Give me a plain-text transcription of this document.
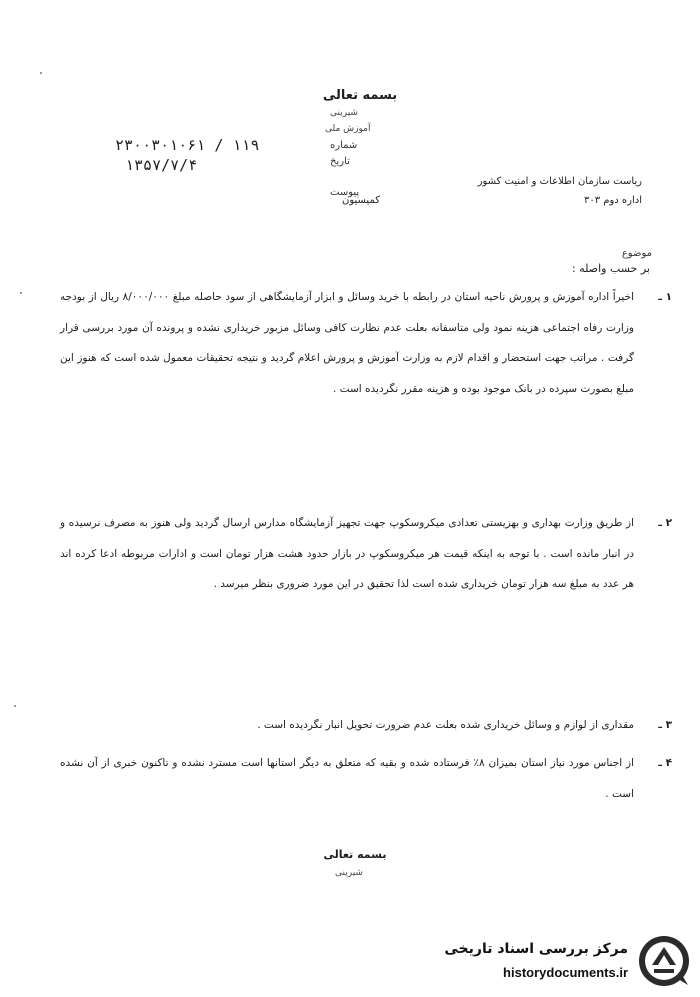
بسمه تعالی
شیرینی
آموزش ملی
شماره
تاریخ
پیوست
۲۳۰۰۳۰۱۰۶۱ / ۱۱۹
۱۳۵۷/۷/۴
ریاست سازمان اطلاعات و امنیت کشور
اداره دوم ۳۰۳
کمیسیون
موضوع
بر حسب واصله :
۱ ـ
اخیراً اداره آموزش و پرورش ناحیه استان در رابطه با خرید وسائل و ابزار آزمایشگاهی از سود حاصله مبلغ ۸/۰۰۰/۰۰۰ ریال از بودجه وزارت رفاه اجتماعی هزینه نمود ولی متاسفانه بعلت عدم نظارت کافی وسائل مزبور خریداری نشده و پرونده آن مورد بررسی قرار گرفت . مراتب جهت استحضار و اقدام لازم به وزارت آموزش و پرورش اعلام گردید و نتیجه تحقیقات معمول شده است که هنوز این مبلغ بصورت سپرده در بانک موجود بوده و هزینه مقرر نگردیده است .
۲ ـ
از طریق وزارت بهداری و بهزیستی تعدادی میکروسکوپ جهت تجهیز آزمایشگاه مدارس ارسال گردید ولی هنوز به مصرف نرسیده و در انبار مانده است . با توجه به اینکه قیمت هر میکروسکوپ در بازار حدود هشت هزار تومان است و ادارات مربوطه ادعا کرده اند هر عدد به مبلغ سه هزار تومان خریداری شده است لذا تحقیق در این مورد ضروری بنظر میرسد .
۳ ـ
مقداری از لوازم و وسائل خریداری شده بعلت عدم ضرورت تحویل انبار نگردیده است .
۴ ـ
از اجناس مورد نیاز استان بمیزان ۸٪ فرستاده شده و بقیه که متعلق به دیگر استانها است مسترد نشده و تاکنون خبری از آن نشده است .
بسمه تعالی
شیرینی
مرکز بررسی اسناد تاریخی
historydocuments.ir
